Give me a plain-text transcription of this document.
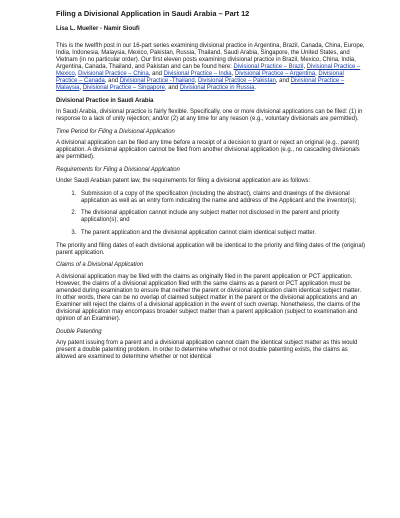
Filing a Divisional Application in Saudi Arabia – Part 12
Lisa L. Mueller - Namir Sioufi

This is the twelfth post in our 16-part series examining divisional practice in Argentina, Brazil, Canada, China, Europe, India, Indonesia, Malaysia, Mexico, Pakistan, Russia, Thailand, Saudi Arabia, Singapore, the United States, and Vietnam (in no particular order). Our first eleven posts examining divisional practice in Brazil, Mexico, China, India, Argentina, Canada, Thailand, and Pakistan and can be found here: Divisional Practice – Brazil, Divisional Practice – Mexico, Divisional Practice – China, and Divisional Practice – India, Divisional Practice – Argentina, Divisional Practice – Canada, and Divisional Practice -Thailand, Divisional Practice – Pakistan, and Divisional Practice – Malaysia, Divisional Practice – Singapore, and Divisional Practice in Russia.

Divisional Practice in Saudi Arabia

In Saudi Arabia, divisional practice is fairly flexible. Specifically, one or more divisional applications can be filed: (1) in response to a lack of unity rejection; and/or (2) at any time for any reason (e.g., voluntary divisionals are permitted).

Time Period for Filing a Divisional Application

A divisional application can be filed any time before a receipt of a decision to grant or reject an original (e.g., parent) application. A divisional application cannot be filed from another divisional application (e.g., no cascading divisionals are permitted).

Requirements for Filing a Divisional Application

Under Saudi Arabian patent law, the requirements for filing a divisional application are as follows:

1. Submission of a copy of the specification (including the abstract), claims and drawings of the divisional application as well as an entry form indicating the name and address of the Applicant and the inventor(s);
2. The divisional application cannot include any subject matter not disclosed in the parent and priority application(s); and
3. The parent application and the divisional application cannot claim identical subject matter.

The priority and filing dates of each divisional application will be identical to the priority and filing dates of the (original) parent application.

Claims of a Divisional Application

A divisional application may be filed with the claims as originally filed in the parent application or PCT application. However, the claims of a divisional application filed with the same claims as a parent or PCT application must be amended during examination to ensure that neither the parent or divisional application claim identical subject matter. In other words, there can be no overlap of claimed subject matter in the parent or the divisional applications and an Examiner will reject the claims of a divisional application in the event of such overlap. Nonetheless, the claims of the divisional application may encompass broader subject matter than a parent application (subject to examination and opinion of an Examiner).

Double Patenting

Any patent issuing from a parent and a divisional application cannot claim the identical subject matter as this would present a double patenting problem. In order to determine whether or not double patenting exists, the claims as allowed are examined to determine whether or not identical
